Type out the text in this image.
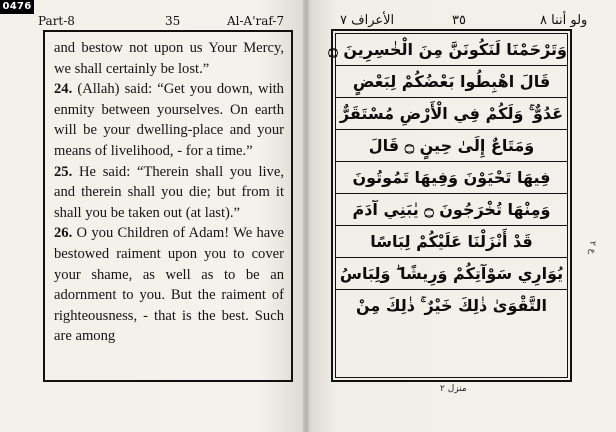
0476
Part-8	35	Al-A'raf-7	الأعراف ٧	٣٥	ولو أننا ٨

and bestow not upon us Your Mercy, we shall certainly be lost.”

24. (Allah) said: “Get you down, with enmity between yourselves. On earth will be your dwelling-place and your means of livelihood, - for a time.”

25. He said: “Therein shall you live, and therein shall you die; but from it shall you be taken out (at last).”

26. O you Children of Adam! We have bestowed raiment upon you to cover your shame, as well as to be an adornment to you. But the raiment of righteousness, - that is the best. Such are among

وَتَرْحَمْنَا لَنَكُونَنَّ مِنَ الْخٰسِرِينَ ۝
قَالَ اهْبِطُوا بَعْضُكُمْ لِبَعْضٍ
عَدُوٌّ ۚ وَلَكُمْ فِي الْأَرْضِ مُسْتَقَرٌّ
وَمَتَاعٌ إِلَىٰ حِينٍ ۝ قَالَ
فِيهَا تَحْيَوْنَ وَفِيهَا تَمُوتُونَ
وَمِنْهَا تُخْرَجُونَ ۝ يٰبَنِي آدَمَ
قَدْ أَنْزَلْنَا عَلَيْكُمْ لِبَاسًا
يُوَارِي سَوْآتِكُمْ وَرِيشًا ۖ وَلِبَاسُ
التَّقْوَىٰ ذٰلِكَ خَيْرٌ ۚ ذٰلِكَ مِنْ
ع ٢
منزل ٢
